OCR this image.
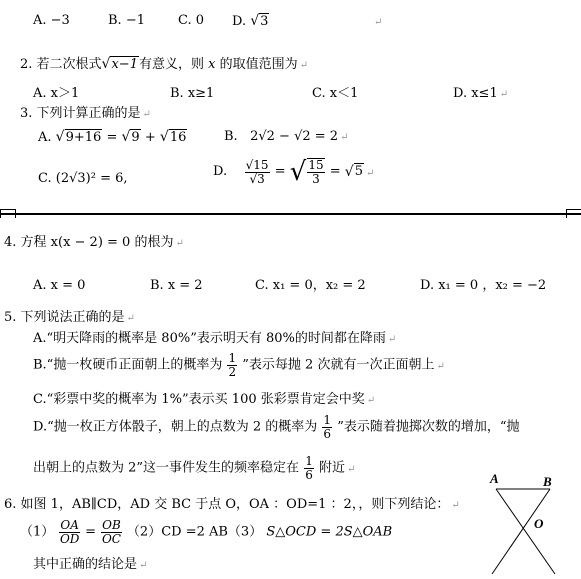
A. −3	B. −1	C. 0 D. √3	↵
2. 若二次根式√x−1有意义，则 x 的取值范围为 ↵
A. x＞1	B. x≥1	C. x＜1	D. x≤1 ↵
3. 下列计算正确的是 ↵
A. √9+16 = √9 + √16	B. 2√2 − √2 = 2 ↵
C. (2√3)² = 6,	D. $\frac{√15}{√3}$ = √ $\frac{15}{3} = √5$ ↵
4. 方程 x(x − 2) = 0 的根为 ↵
A. x = 0	B. x = 2	C. x₁ = 0，x₂ = 2	D. x₁ = 0 ，x₂ = −2
5. 下列说法正确的是 ↵
A.“明天降雨的概率是 80%”表示明天有 80%的时间都在降雨 ↵
B.“抛一枚硬币正面朝上的概率为 $\frac{1}{2}$ ”表示每抛 2 次就有一次正面朝上 ↵
C.“彩票中奖的概率为 1%”表示买 100 张彩票肯定会中奖 ↵
D.“抛一枚正方体骰子，朝上的点数为 2 的概率为 $\frac{1}{6}$ ”表示随着抛掷次数的增加，“抛
出朝上的点数为 2”这一事件发生的频率稳定在 $\frac{1}{6}$ 附近 ↵
6. 如图 1，AB∥CD，AD 交 BC 于点 O，OA ：OD=1 ：2，，则下列结论： ↵
$(1) \frac{OA}{OD} = \frac{OB}{OC} (2)CD =2$ AB（3） S△OCD = 2S△OAB
其中正确的结论是 ↵
A	B
O
